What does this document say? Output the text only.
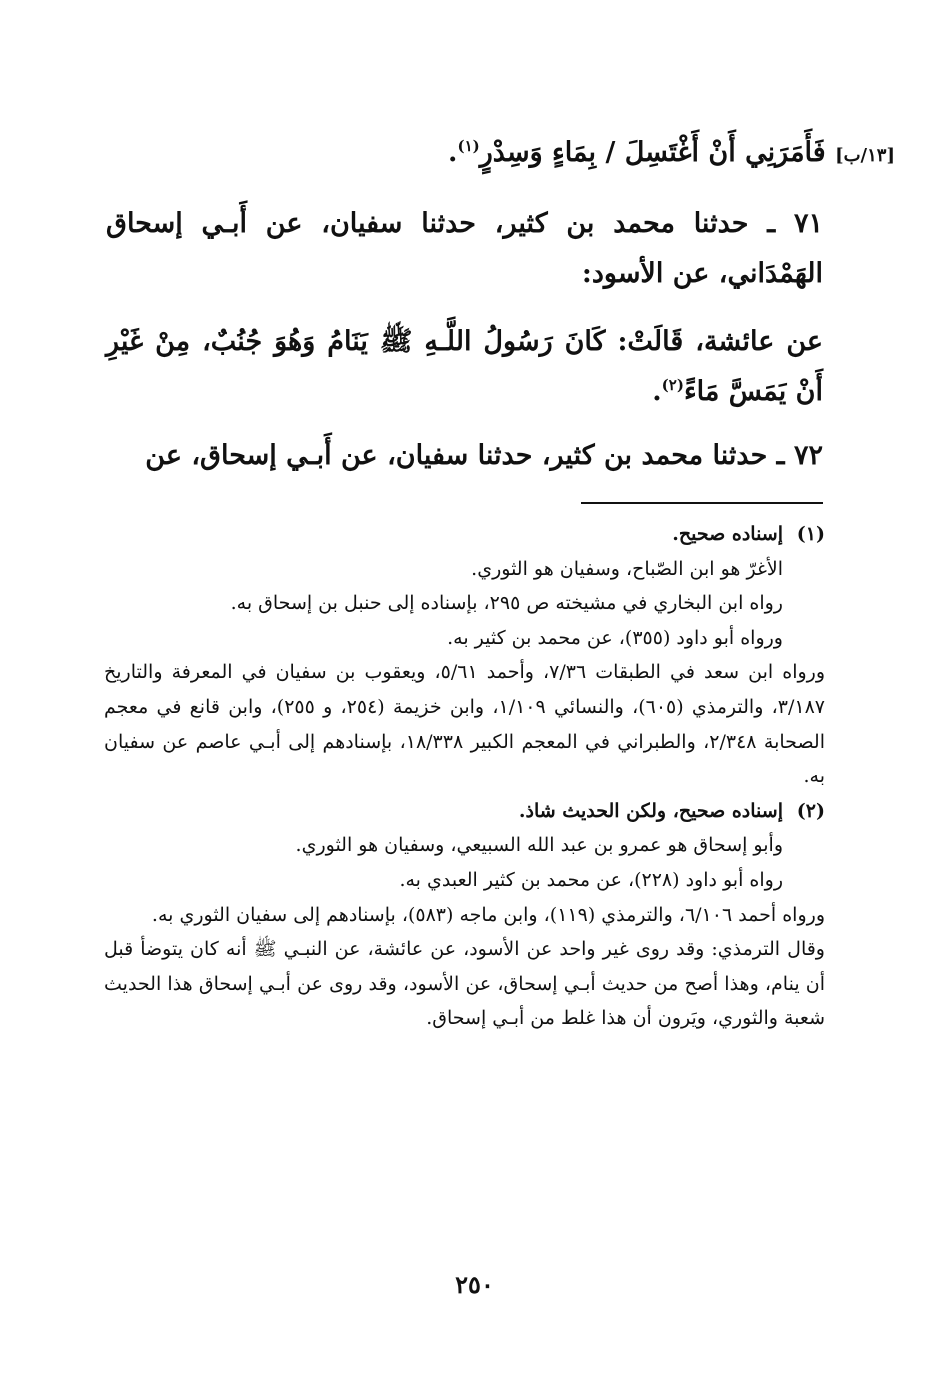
[١٣/ب] فَأَمَرَنِي أَنْ أَغْتَسِلَ / بِمَاءٍ وَسِدْرٍ$^{(١)}$.

٧١ ـ حدثنا محمد بن كثير، حدثنا سفيان، عن أَبـي إسحاق الهَمْدَاني، عن الأسود:

عن عائشة، قَالَتْ: كَانَ رَسُولُ اللَّـهِ ﷺ يَنَامُ وَهُوَ جُنُبٌ، مِنْ غَيْرِ أَنْ يَمَسَّ مَاءً$^{(٢)}$.

٧٢ ـ حدثنا محمد بن كثير، حدثنا سفيان، عن أَبـي إسحاق، عن

(١)

إسناده صحيح.

الأغرّ هو ابن الصّباح، وسفيان هو الثوري.

رواه ابن البخاري في مشيخته ص ٢٩٥، بإسناده إلى حنبل بن إسحاق به.

ورواه أبو داود (٣٥٥)، عن محمد بن كثير به.

ورواه ابن سعد في الطبقات ٧/٣٦، وأحمد ٥/٦١، ويعقوب بن سفيان في المعرفة والتاريخ ٣/١٨٧، والترمذي (٦٠٥)، والنسائي ١/١٠٩، وابن خزيمة (٢٥٤، و ٢٥٥)، وابن قانع في معجم الصحابة ٢/٣٤٨، والطبراني في المعجم الكبير ١٨/٣٣٨، بإسنادهم إلى أبـي عاصم عن سفيان به.

(٢)

إسناده صحيح، ولكن الحديث شاذ.

وأبو إسحاق هو عمرو بن عبد الله السبيعي، وسفيان هو الثوري.

رواه أبو داود (٢٢٨)، عن محمد بن كثير العبدي به.

ورواه أحمد ٦/١٠٦، والترمذي (١١٩)، وابن ماجه (٥٨٣)، بإسنادهم إلى سفيان الثوري به.

وقال الترمذي: وقد روى غير واحد عن الأسود، عن عائشة، عن النبـي ﷺ أنه كان يتوضأ قبل أن ينام، وهذا أصح من حديث أبـي إسحاق، عن الأسود، وقد روى عن أبـي إسحاق هذا الحديث شعبة والثوري، ويَرون أن هذا غلط من أبـي إسحاق.

٢٥٠
